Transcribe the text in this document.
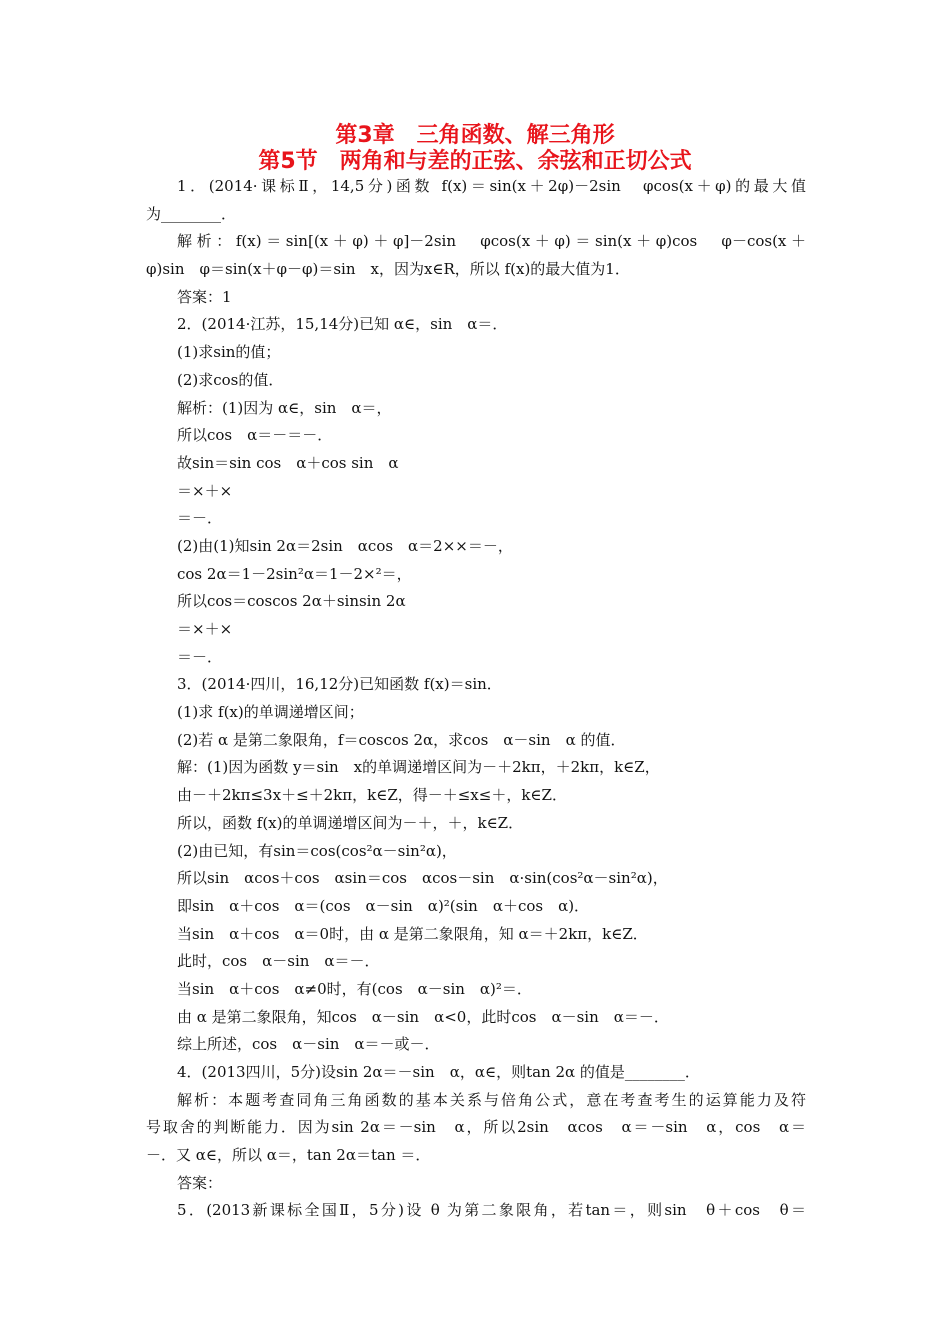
第3章　三角函数、解三角形
第5节　两角和与差的正弦、余弦和正切公式
1．(2014·课标Ⅱ，14,5分)函数 f(x)＝sin(x＋2φ)－2sin　φcos(x＋φ)的最大值
为________．
解析：f(x)＝sin[(x＋φ)＋φ]－2sin　φcos(x＋φ)＝sin(x＋φ)cos　φ－cos(x＋
φ)sin　φ＝sin(x＋φ－φ)＝sin　x，因为x∈R，所以 f(x)的最大值为1．
答案：1
2．(2014·江苏，15,14分)已知 α∈，sin　α＝．
(1)求sin的值；
(2)求cos的值．
解析：(1)因为 α∈，sin　α＝，
所以cos　α＝－＝－．
故sin＝sin cos　α＋cos sin　α
＝×＋×
＝－．
(2)由(1)知sin 2α＝2sin　αcos　α＝2××＝－，
cos 2α＝1－2sin²α＝1－2×²＝，
所以cos＝coscos 2α＋sinsin 2α
＝×＋×
＝－．
3．(2014·四川，16,12分)已知函数 f(x)＝sin．
(1)求 f(x)的单调递增区间；
(2)若 α 是第二象限角，f＝coscos 2α，求cos　α－sin　α 的值．
解：(1)因为函数 y＝sin　x的单调递增区间为－＋2kπ，＋2kπ，k∈Z，
由－＋2kπ≤3x＋≤＋2kπ，k∈Z，得－＋≤x≤＋，k∈Z．
所以，函数 f(x)的单调递增区间为－＋，＋，k∈Z．
(2)由已知，有sin＝cos(cos²α－sin²α)，
所以sin　αcos＋cos　αsin＝cos　αcos－sin　α·sin(cos²α－sin²α)，
即sin　α＋cos　α＝(cos　α－sin　α)²(sin　α＋cos　α)．
当sin　α＋cos　α＝0时，由 α 是第二象限角，知 α＝＋2kπ，k∈Z．
此时，cos　α－sin　α＝－．
当sin　α＋cos　α≠0时，有(cos　α－sin　α)²＝．
由 α 是第二象限角，知cos　α－sin　α<0，此时cos　α－sin　α＝－．
综上所述，cos　α－sin　α＝－或－．
4．(2013四川，5分)设sin 2α＝－sin　α，α∈，则tan 2α 的值是________．
解析：本题考查同角三角函数的基本关系与倍角公式，意在考查考生的运算能力及符
号取舍的判断能力．因为sin 2α＝－sin　α，所以2sin　αcos　α＝－sin　α，cos　α＝
－．又 α∈，所以 α＝，tan 2α＝tan ＝．
答案：
5．(2013新课标全国Ⅱ，5分)设 θ 为第二象限角，若tan＝，则sin　θ＋cos　θ＝
